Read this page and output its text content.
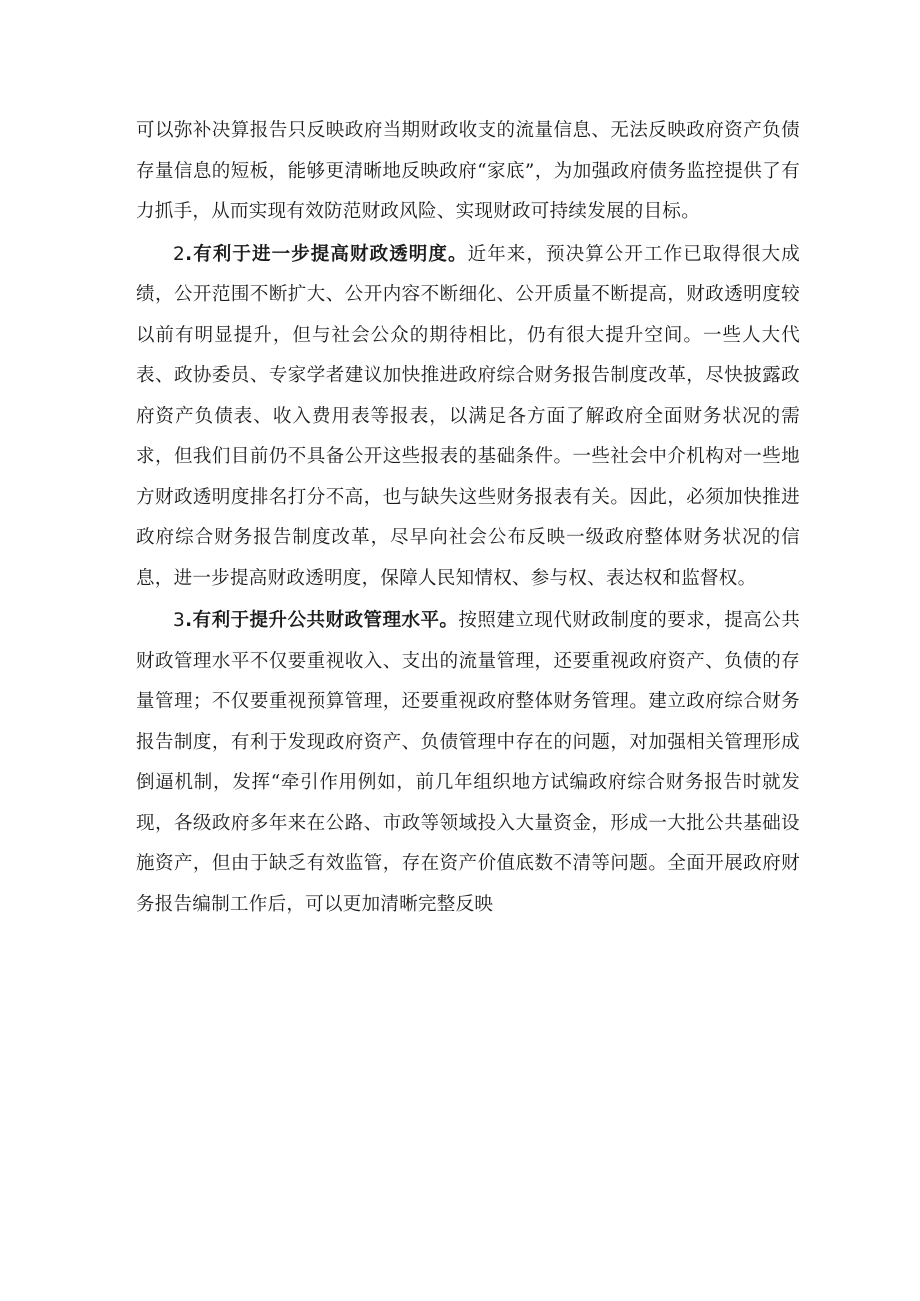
可以弥补决算报告只反映政府当期财政收支的流量信息、无法反映政府资产负债存量信息的短板，能够更清晰地反映政府“家底”，为加强政府债务监控提供了有力抓手，从而实现有效防范财政风险、实现财政可持续发展的目标。

2.有利于进一步提高财政透明度。近年来，预决算公开工作已取得很大成绩，公开范围不断扩大、公开内容不断细化、公开质量不断提高，财政透明度较以前有明显提升，但与社会公众的期待相比，仍有很大提升空间。一些人大代表、政协委员、专家学者建议加快推进政府综合财务报告制度改革，尽快披露政府资产负债表、收入费用表等报表，以满足各方面了解政府全面财务状况的需求，但我们目前仍不具备公开这些报表的基础条件。一些社会中介机构对一些地方财政透明度排名打分不高，也与缺失这些财务报表有关。因此，必须加快推进政府综合财务报告制度改革，尽早向社会公布反映一级政府整体财务状况的信息，进一步提高财政透明度，保障人民知情权、参与权、表达权和监督权。

3.有利于提升公共财政管理水平。按照建立现代财政制度的要求，提高公共财政管理水平不仅要重视收入、支出的流量管理，还要重视政府资产、负债的存量管理；不仅要重视预算管理，还要重视政府整体财务管理。建立政府综合财务报告制度，有利于发现政府资产、负债管理中存在的问题，对加强相关管理形成倒逼机制，发挥“牵引作用例如，前几年组织地方试编政府综合财务报告时就发现，各级政府多年来在公路、市政等领域投入大量资金，形成一大批公共基础设施资产，但由于缺乏有效监管，存在资产价值底数不清等问题。全面开展政府财务报告编制工作后，可以更加清晰完整反映
